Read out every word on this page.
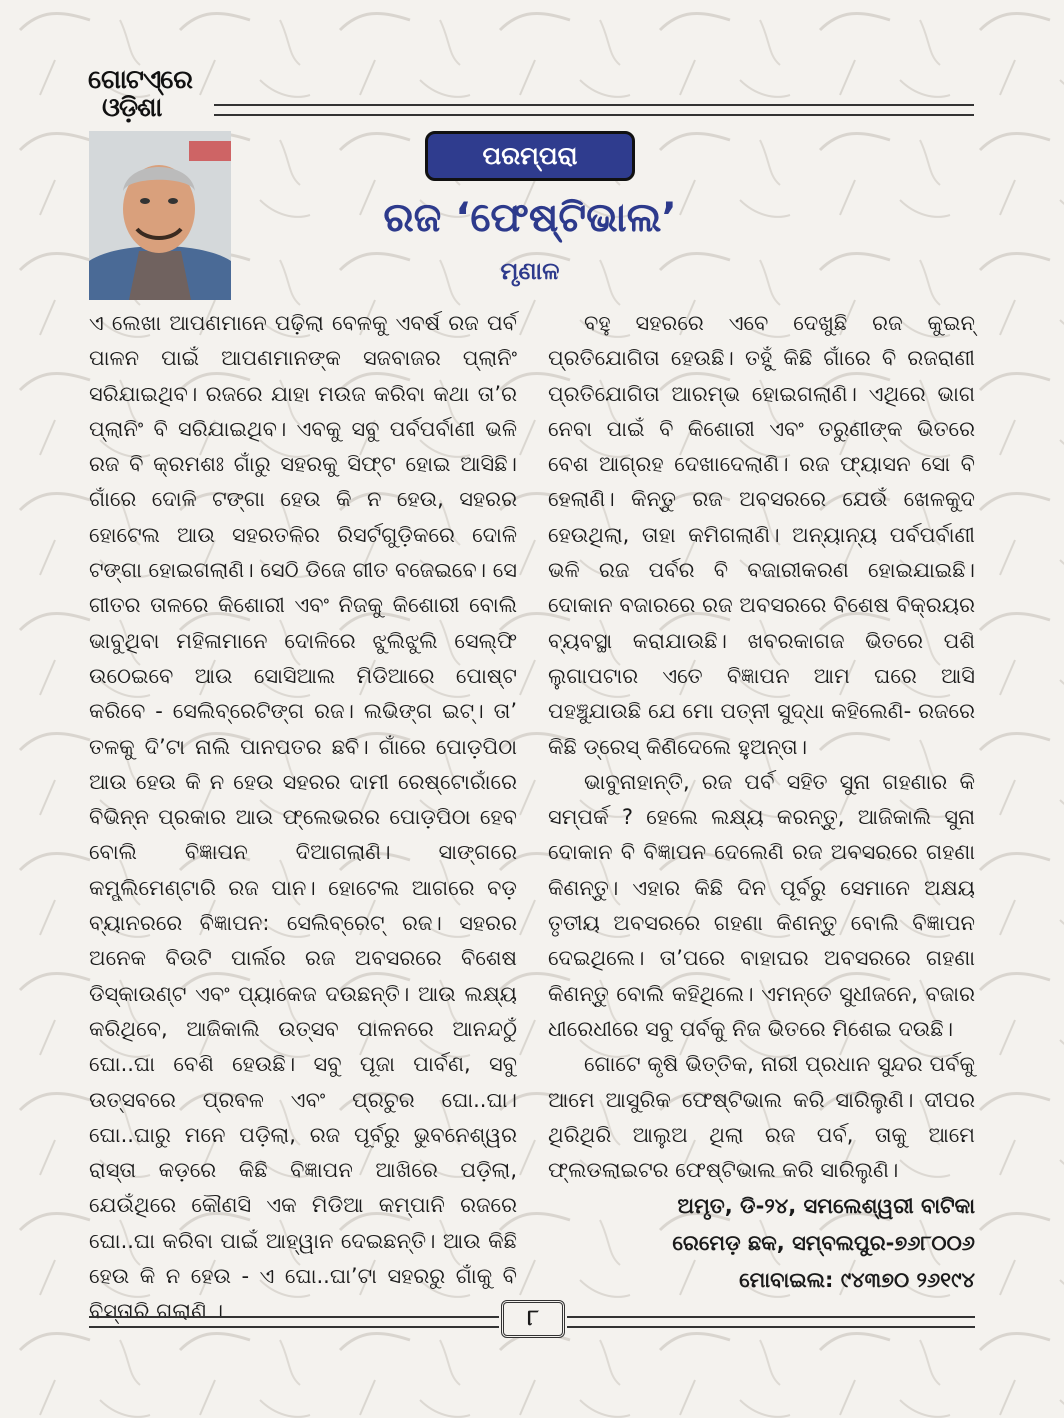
ଗୋଟଏ୍ରେ
ଓଡ଼ିଶା
ପରମ୍ପରା
ରଜ ‘ଫେଷ୍ଟିଭାଲ’
ମୃଣାଳ

ଏ ଲେଖା ଆପଣମାନେ ପଢ଼ିଲା ବେଳକୁ ଏବର୍ଷ ରଜ ପର୍ବ ପାଳନ ପାଇଁ ଆପଣମାନଙ୍କ ସଜବାଜର ପ୍ଲାନିଂ ସରିଯାଇଥିବ। ରଜରେ ଯାହା ମଉଜ କରିବା କଥା ତା’ର ପ୍ଲାନିଂ ବି ସରିଯାଇଥିବ। ଏବକୁ ସବୁ ପର୍ବପର୍ବାଣୀ ଭଳି ରଜ ବି କ୍ରମଶଃ ଗାଁରୁ ସହରକୁ ସିଫ୍ଟ ହୋଇ ଆସିଛି। ଗାଁରେ ଦୋଳି ଟଙ୍ଗା ହେଉ କି ନ ହେଉ, ସହରର ହୋଟେଲ ଆଉ ସହରତଳିର ରିସର୍ଟଗୁଡ଼ିକରେ ଦୋଳି ଟଙ୍ଗା ହୋଇଗଲାଣି। ସେଠି ଡିଜେ ଗୀତ ବଜେଇବେ। ସେ ଗୀତର ତାଳରେ କିଶୋରୀ ଏବଂ ନିଜକୁ କିଶୋରୀ ବୋଲି ଭାବୁଥିବା ମହିଳାମାନେ ଦୋଳିରେ ଝୁଲିଝୁଲି ସେଲ୍ଫି ଉଠେଇବେ ଆଉ ସୋସିଆଲ ମିଡିଆରେ ପୋଷ୍ଟ କରିବେ - ସେଲିବ୍ରେଟିଙ୍ଗ ରଜ। ଲଭିଙ୍ଗ ଇଟ୍। ତା’ ତଳକୁ ଦି’ଟା ନାଲି ପାନପତର ଛବି। ଗାଁରେ ପୋଡ଼ପିଠା ଆଉ ହେଉ କି ନ ହେଉ ସହରର ଦାମୀ ରେଷ୍ଟୋରାଁରେ ବିଭିନ୍ନ ପ୍ରକାର ଆଉ ଫ୍ଲେଭରର ପୋଡ଼ପିଠା ହେବ ବୋଲି ବିଜ୍ଞାପନ ଦିଆଗଲାଣି। ସାଙ୍ଗରେ କମ୍ପ୍ଲିମେଣ୍ଟାରି ରଜ ପାନ। ହୋଟେଲ ଆଗରେ ବଡ଼ ବ୍ୟାନରରେ ବିଜ୍ଞାପନ: ସେଲିବ୍ରେଟ୍ ରଜ। ସହରର ଅନେକ ବିଉଟି ପାର୍ଲର ରଜ ଅବସରରେ ବିଶେଷ ଡିସ୍କାଉଣ୍ଟ ଏବଂ ପ୍ୟାକେଜ ଦଉଛନ୍ତି। ଆଉ ଲକ୍ଷ୍ୟ କରିଥିବେ, ଆଜିକାଲି ଉତ୍ସବ ପାଳନରେ ଆନନ୍ଦଠୁଁ ଘୋ..ଘା ବେଶି ହେଉଛି। ସବୁ ପୂଜା ପାର୍ବଣ, ସବୁ ଉତ୍ସବରେ ପ୍ରବଳ ଏବଂ ପ୍ରଚୁର ଘୋ..ଘା। ଘୋ..ଘାରୁ ମନେ ପଡ଼ିଲା, ରଜ ପୂର୍ବରୁ ଭୁବନେଶ୍ୱର ରାସ୍ତା କଡ଼ରେ କିଛି ବିଜ୍ଞାପନ ଆଖିରେ ପଡ଼ିଲା, ଯେଉଁଥିରେ କୌଣସି ଏକ ମିଡିଆ କମ୍ପାନି ରଜରେ ଘୋ..ଘା କରିବା ପାଇଁ ଆହ୍ୱାନ ଦେଇଛନ୍ତି। ଆଉ କିଛି ହେଉ କି ନ ହେଉ - ଏ ଘୋ..ଘା’ଟା ସହରରୁ ଗାଁକୁ ବି ବିସ୍ତାରି ଗଲାଣି ।

ବହୁ ସହରରେ ଏବେ ଦେଖୁଛି ରଜ କୁଇନ୍ ପ୍ରତିଯୋଗିତା ହେଉଛି। ତହୁଁ କିଛି ଗାଁରେ ବି ରଜରାଣୀ ପ୍ରତିଯୋଗିତା ଆରମ୍ଭ ହୋଇଗଲାଣି। ଏଥିରେ ଭାଗ ନେବା ପାଇଁ ବି କିଶୋରୀ ଏବଂ ତରୁଣୀଙ୍କ ଭିତରେ ବେଶ ଆଗ୍ରହ ଦେଖାଦେଲାଣି। ରଜ ଫ୍ୟାସନ ସୋ ବି ହେଲାଣି। କିନ୍ତୁ ରଜ ଅବସରରେ ଯେଉଁ ଖେଳକୁଦ ହେଉଥିଲା, ତାହା କମିଗଲାଣି। ଅନ୍ୟାନ୍ୟ ପର୍ବପର୍ବାଣୀ ଭଳି ରଜ ପର୍ବର ବି ବଜାରୀକରଣ ହୋଇଯାଇଛି। ଦୋକାନ ବଜାରରେ ରଜ ଅବସରରେ ବିଶେଷ ବିକ୍ରୟର ବ୍ୟବସ୍ଥା କରାଯାଉଛି। ଖବରକାଗଜ ଭିତରେ ପଶି ଲୁଗାପଟାର ଏତେ ବିଜ୍ଞାପନ ଆମ ଘରେ ଆସି ପହଞ୍ଚୁଯାଉଛି ଯେ ମୋ ପତ୍ନୀ ସୁଦ୍ଧା କହିଲେଣି- ରଜରେ କିଛି ଡ୍ରେସ୍ କିଣିଦେଲେ ହୁଅନ୍ତା।

ଭାବୁନାହାନ୍ତି, ରଜ ପର୍ବ ସହିତ ସୁନା ଗହଣାର କି ସମ୍ପର୍କ ? ହେଲେ ଲକ୍ଷ୍ୟ କରନ୍ତୁ, ଆଜିକାଲି ସୁନା ଦୋକାନ ବି ବିଜ୍ଞାପନ ଦେଲେଣି ରଜ ଅବସରରେ ଗହଣା କିଣନ୍ତୁ। ଏହାର କିଛି ଦିନ ପୂର୍ବରୁ ସେମାନେ ଅକ୍ଷୟ ତୃତୀୟ ଅବସରରେ ଗହଣା କିଣନ୍ତୁ ବୋଲି ବିଜ୍ଞାପନ ଦେଇଥିଲେ। ତା’ପରେ ବାହାଘର ଅବସରରେ ଗହଣା କିଣନ୍ତୁ ବୋଲି କହିଥିଲେ। ଏମନ୍ତେ ସୁଧୀଜନେ, ବଜାର ଧୀରେଧୀରେ ସବୁ ପର୍ବକୁ ନିଜ ଭିତରେ ମିଶେଇ ଦଉଛି।

ଗୋଟେ କୃଷି ଭିତ୍ତିକ, ନାରୀ ପ୍ରଧାନ ସୁନ୍ଦର ପର୍ବକୁ ଆମେ ଆସୁରିକ ଫେଷ୍ଟିଭାଲ କରି ସାରିଲୁଣି। ଦୀପର ଥିରିଥିରି ଆଲୁଅ ଥିଲା ରଜ ପର୍ବ, ତାକୁ ଆମେ ଫ୍ଲଡଲାଇଟର ଫେଷ୍ଟିଭାଲ କରି ସାରିଲୁଣି।

ଅମୃତ, ଡି-୨୪, ସମଲେଶ୍ୱରୀ ବାଟିକା
ରେମେଡ଼ ଛକ, ସମ୍ବଲପୁର-୭୬୮୦୦୬
ମୋବାଇଲ: ୯୪୩୭୦ ୨୬୧୯୪
୮
